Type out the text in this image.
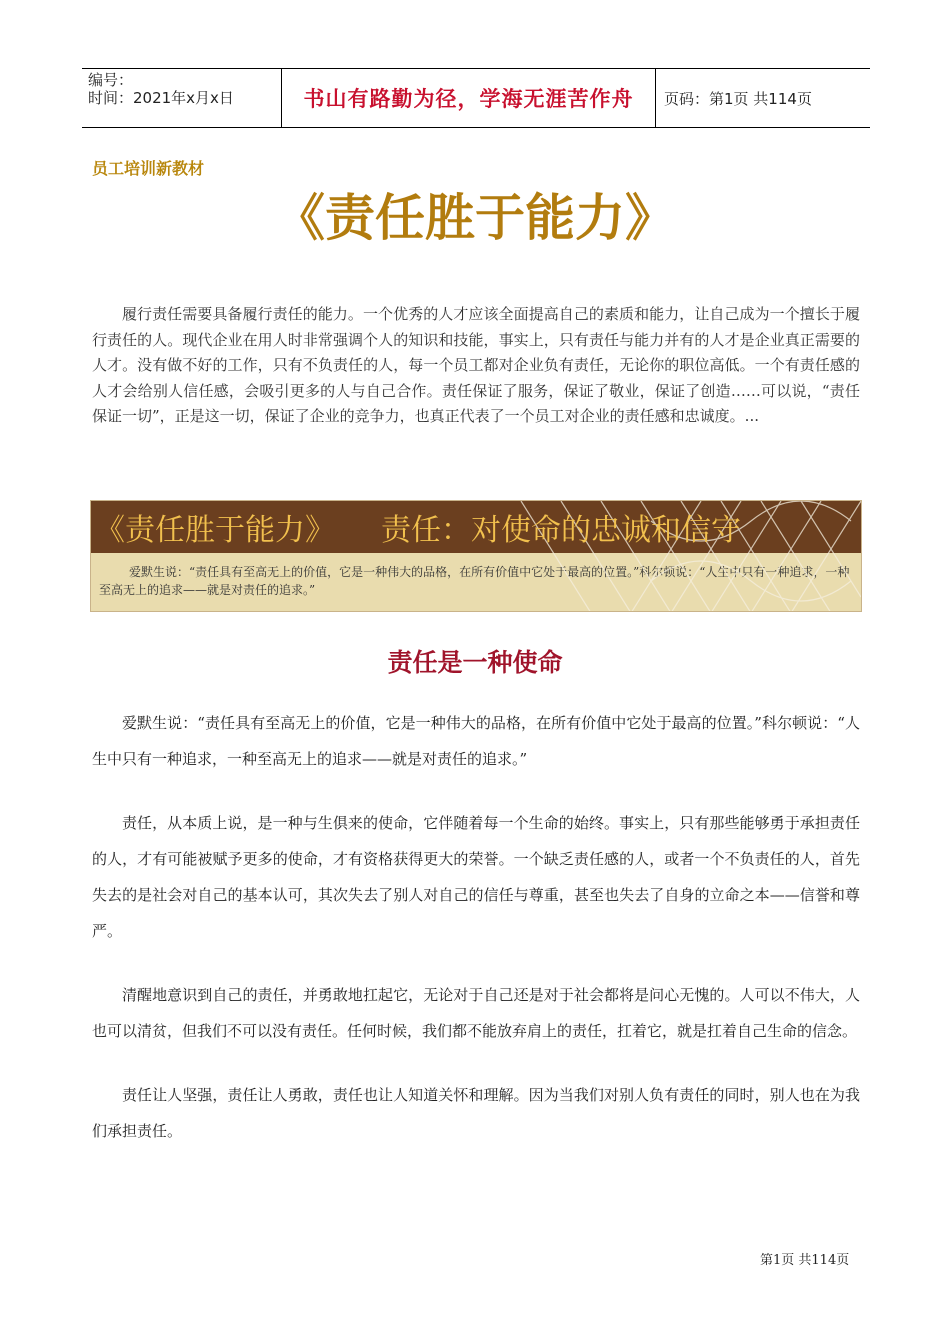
编号：
时间：2021年x月x日	书山有路勤为径，学海无涯苦作舟 页码：第1页 共114页
员工培训新教材
《责任胜于能力》
履行责任需要具备履行责任的能力。一个优秀的人才应该全面提高自己的素质和能力，让自己成为一个擅长于履行责任的人。现代企业在用人时非常强调个人的知识和技能，事实上，只有责任与能力并有的人才是企业真正需要的人才。没有做不好的工作，只有不负责任的人，每一个员工都对企业负有责任，无论你的职位高低。一个有责任感的人才会给别人信任感，会吸引更多的人与自己合作。责任保证了服务，保证了敬业，保证了创造……可以说，“责任保证一切”，正是这一切，保证了企业的竞争力，也真正代表了一个员工对企业的责任感和忠诚度。...
《责任胜于能力》 责任：对使命的忠诚和信守
爱默生说：“责任具有至高无上的价值，它是一种伟大的品格，在所有价值中它处于最高的位置。”科尔顿说：“人生中只有一种追求，一种至高无上的追求——就是对责任的追求。”
责任是一种使命

爱默生说：“责任具有至高无上的价值，它是一种伟大的品格，在所有价值中它处于最高的位置。”科尔顿说：“人生中只有一种追求，一种至高无上的追求——就是对责任的追求。”

责任，从本质上说，是一种与生俱来的使命，它伴随着每一个生命的始终。事实上，只有那些能够勇于承担责任的人，才有可能被赋予更多的使命，才有资格获得更大的荣誉。一个缺乏责任感的人，或者一个不负责任的人，首先失去的是社会对自己的基本认可，其次失去了别人对自己的信任与尊重，甚至也失去了自身的立命之本——信誉和尊严。

清醒地意识到自己的责任，并勇敢地扛起它，无论对于自己还是对于社会都将是问心无愧的。人可以不伟大，人也可以清贫，但我们不可以没有责任。任何时候，我们都不能放弃肩上的责任，扛着它，就是扛着自己生命的信念。

责任让人坚强，责任让人勇敢，责任也让人知道关怀和理解。因为当我们对别人负有责任的同时，别人也在为我们承担责任。

第1页 共114页
